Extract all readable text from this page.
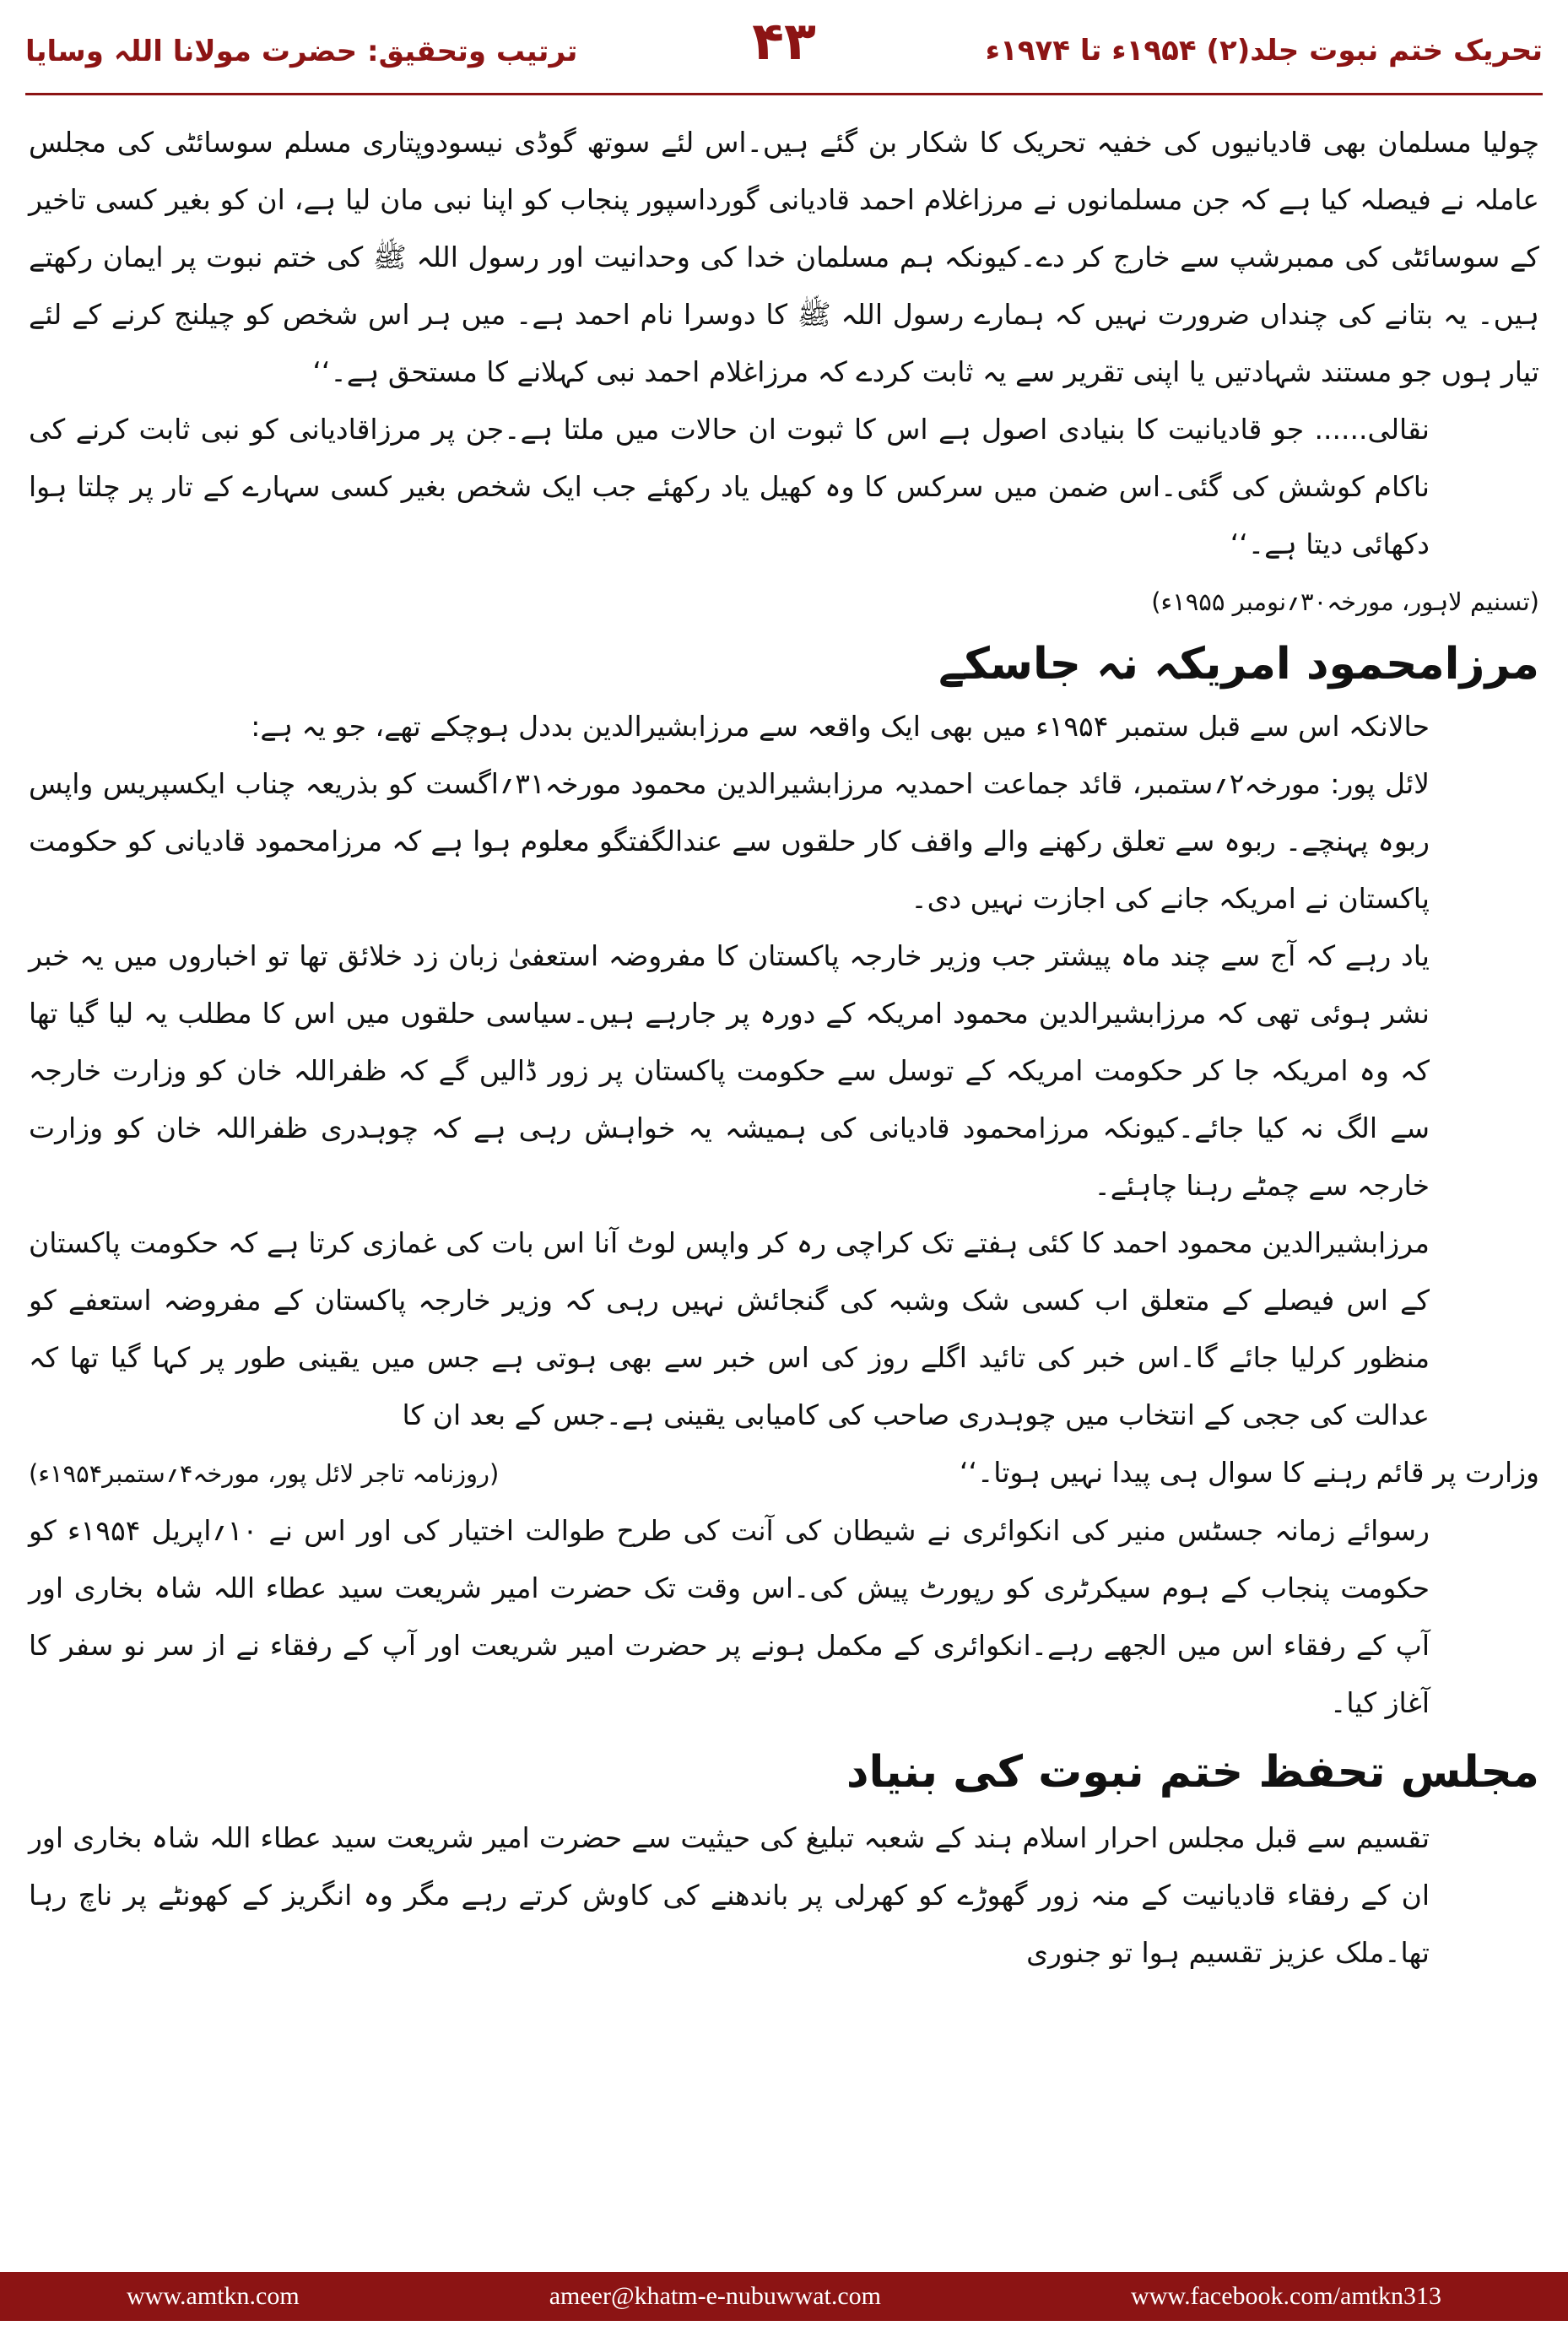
ترتیب وتحقیق: حضرت مولانا اللہ وسایا	۴۳	تحریک ختم نبوت جلد(۲) ۱۹۵۴ء تا ۱۹۷۴ء

چولیا مسلمان بھی قادیانیوں کی خفیہ تحریک کا شکار بن گئے ہیں۔اس لئے سوتھ گوڈی نیسودوپتاری مسلم سوسائٹی کی مجلس عاملہ نے فیصلہ کیا ہے کہ جن مسلمانوں نے مرزاغلام احمد قادیانی گورداسپور پنجاب کو اپنا نبی مان لیا ہے، ان کو بغیر کسی تاخیر کے سوسائٹی کی ممبرشپ سے خارج کر دے۔کیونکہ ہم مسلمان خدا کی وحدانیت اور رسول اللہ ﷺ کی ختم نبوت پر ایمان رکھتے ہیں۔ یہ بتانے کی چنداں ضرورت نہیں کہ ہمارے رسول اللہ ﷺ کا دوسرا نام احمد ہے۔ میں ہر اس شخص کو چیلنج کرنے کے لئے تیار ہوں جو مستند شہادتیں یا اپنی تقریر سے یہ ثابت کردے کہ مرزاغلام احمد نبی کہلانے کا مستحق ہے۔‘‘

نقالی...... جو قادیانیت کا بنیادی اصول ہے اس کا ثبوت ان حالات میں ملتا ہے۔جن پر مرزاقادیانی کو نبی ثابت کرنے کی ناکام کوشش کی گئی۔اس ضمن میں سرکس کا وہ کھیل یاد رکھئے جب ایک شخص بغیر کسی سہارے کے تار پر چلتا ہوا دکھائی دیتا ہے۔‘‘

(تسنیم لاہور، مورخہ۳۰؍نومبر ۱۹۵۵ء)

مرزامحمود امریکہ نہ جاسکے

حالانکہ اس سے قبل ستمبر ۱۹۵۴ء میں بھی ایک واقعہ سے مرزابشیرالدین بددل ہوچکے تھے، جو یہ ہے:

لائل پور: مورخہ۲؍ستمبر، قائد جماعت احمدیہ مرزابشیرالدین محمود مورخہ۳۱؍اگست کو بذریعہ چناب ایکسپریس واپس ربوہ پہنچے۔ ربوہ سے تعلق رکھنے والے واقف کار حلقوں سے عندالگفتگو معلوم ہوا ہے کہ مرزامحمود قادیانی کو حکومت پاکستان نے امریکہ جانے کی اجازت نہیں دی۔

یاد رہے کہ آج سے چند ماہ پیشتر جب وزیر خارجہ پاکستان کا مفروضہ استعفیٰ زبان زد خلائق تھا تو اخباروں میں یہ خبر نشر ہوئی تھی کہ مرزابشیرالدین محمود امریکہ کے دورہ پر جارہے ہیں۔سیاسی حلقوں میں اس کا مطلب یہ لیا گیا تھا کہ وہ امریکہ جا کر حکومت امریکہ کے توسل سے حکومت پاکستان پر زور ڈالیں گے کہ ظفراللہ خان کو وزارت خارجہ سے الگ نہ کیا جائے۔کیونکہ مرزامحمود قادیانی کی ہمیشہ یہ خواہش رہی ہے کہ چوہدری ظفراللہ خان کو وزارت خارجہ سے چمٹے رہنا چاہئے۔

مرزابشیرالدین محمود احمد کا کئی ہفتے تک کراچی رہ کر واپس لوٹ آنا اس بات کی غمازی کرتا ہے کہ حکومت پاکستان کے اس فیصلے کے متعلق اب کسی شک وشبہ کی گنجائش نہیں رہی کہ وزیر خارجہ پاکستان کے مفروضہ استعفے کو منظور کرلیا جائے گا۔اس خبر کی تائید اگلے روز کی اس خبر سے بھی ہوتی ہے جس میں یقینی طور پر کہا گیا تھا کہ عدالت کی ججی کے انتخاب میں چوہدری صاحب کی کامیابی یقینی ہے۔جس کے بعد ان کا

وزارت پر قائم رہنے کا سوال ہی پیدا نہیں ہوتا۔‘‘
(روزنامہ تاجر لائل پور، مورخہ۴؍ستمبر۱۹۵۴ء)

رسوائے زمانہ جسٹس منیر کی انکوائری نے شیطان کی آنت کی طرح طوالت اختیار کی اور اس نے ۱۰؍اپریل ۱۹۵۴ء کو حکومت پنجاب کے ہوم سیکرٹری کو رپورٹ پیش کی۔اس وقت تک حضرت امیر شریعت سید عطاء اللہ شاہ بخاری اور آپ کے رفقاء اس میں الجھے رہے۔انکوائری کے مکمل ہونے پر حضرت امیر شریعت اور آپ کے رفقاء نے از سر نو سفر کا آغاز کیا۔

مجلس تحفظ ختم نبوت کی بنیاد

تقسیم سے قبل مجلس احرار اسلام ہند کے شعبہ تبلیغ کی حیثیت سے حضرت امیر شریعت سید عطاء اللہ شاہ بخاری اور ان کے رفقاء قادیانیت کے منہ زور گھوڑے کو کھرلی پر باندھنے کی کاوش کرتے رہے مگر وہ انگریز کے کھونٹے پر ناچ رہا تھا۔ملک عزیز تقسیم ہوا تو جنوری

www.amtkn.com	ameer@khatm-e-nubuwwat.com	www.facebook.com/amtkn313
